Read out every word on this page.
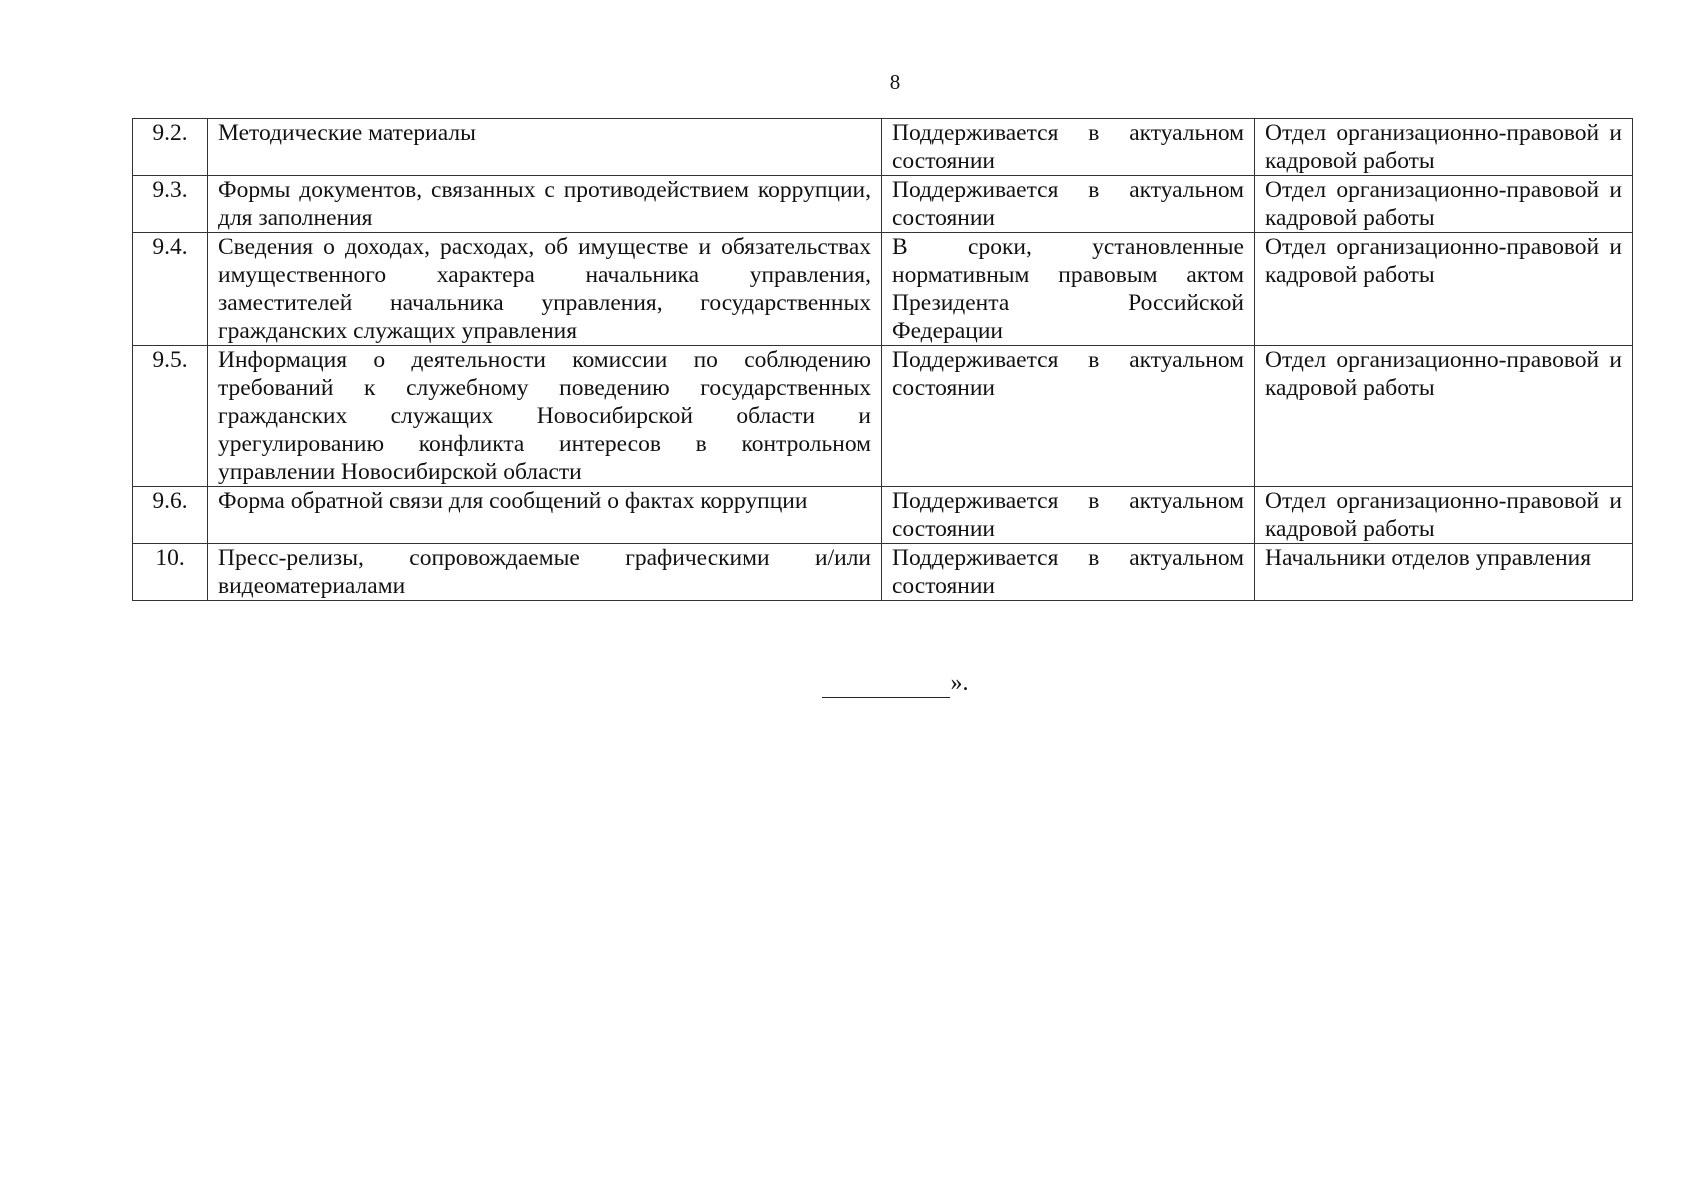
8
9.2.	Методические материалы	Поддерживается в актуальном состоянии	Отдел организационно-правовой и кадровой работы
9.3.	Формы документов, связанных с противодействием коррупции, для заполнения	Поддерживается в актуальном состоянии	Отдел организационно-правовой и кадровой работы
9.4.	Сведения о доходах, расходах, об имуществе и обязательствах имущественного характера начальника управления, заместителей начальника управления, государственных гражданских служащих управления	В сроки, установленные нормативным правовым актом Президента Российской Федерации	Отдел организационно-правовой и кадровой работы
9.5.	Информация о деятельности комиссии по соблюдению требований к служебному поведению государственных гражданских служащих Новосибирской области и урегулированию конфликта интересов в контрольном управлении Новосибирской области	Поддерживается в актуальном состоянии	Отдел организационно-правовой и кадровой работы
9.6.	Форма обратной связи для сообщений о фактах коррупции	Поддерживается в актуальном состоянии	Отдел организационно-правовой и кадровой работы
10.	Пресс-релизы, сопровождаемые графическими и/или видеоматериалами	Поддерживается в актуальном состоянии	Начальники отделов управления
».
